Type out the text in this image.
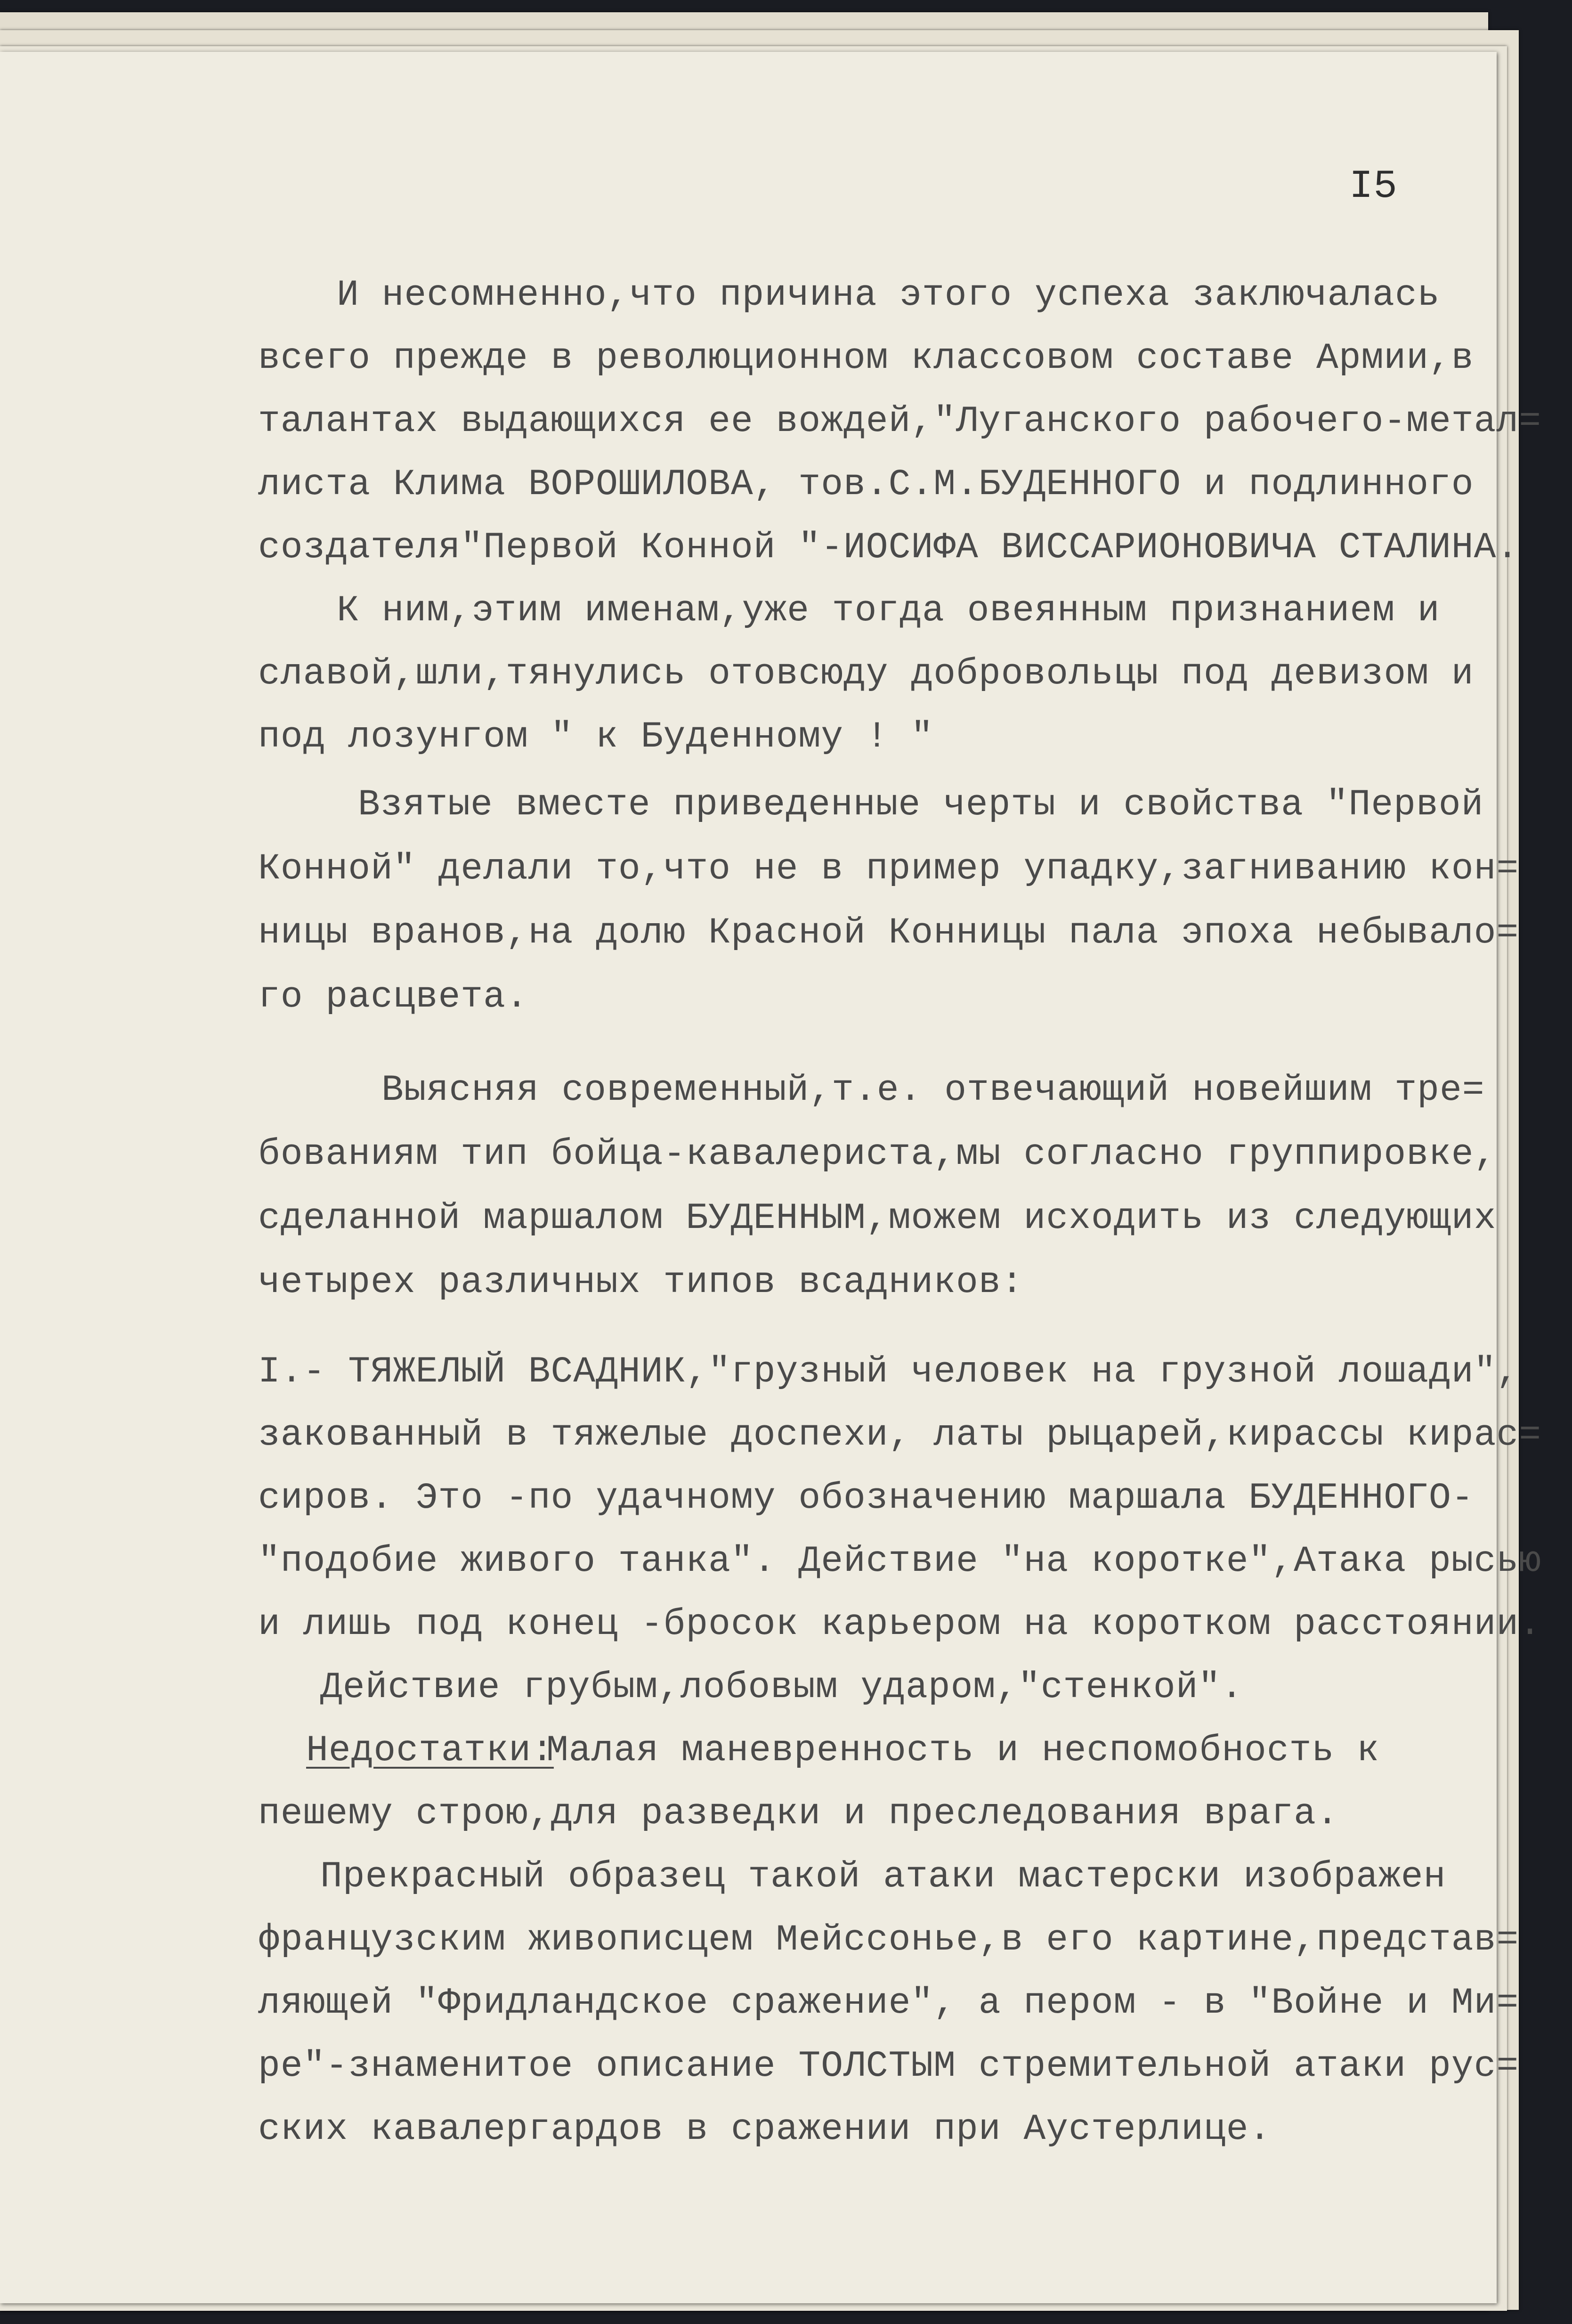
I5
И несомненно,что причина этого успеха заключалась
всего прежде в революционном классовом составе Армии,в
талантах выдающихся ее вождей,"Луганского рабочего-метал=
листа Клима ВОРОШИЛОВА, тов.С.М.БУДЕННОГО и подлинного
создателя"Первой Конной "-ИОСИФА ВИССАРИОНОВИЧА СТАЛИНА.
К ним,этим именам,уже тогда овеянным признанием и
славой,шли,тянулись отовсюду добровольцы под девизом и
под лозунгом " к Буденному ! "
Взятые вместе приведенные черты и свойства "Первой
Конной" делали то,что не в пример упадку,загниванию кон=
ницы вранов,на долю Красной Конницы пала эпоха небывало=
го расцвета.
Выясняя современный,т.е. отвечающий новейшим тре=
бованиям тип бойца-кавалериста,мы согласно группировке,
сделанной маршалом БУДЕННЫМ,можем исходить из следующих
четырех различных типов всадников:
I.- ТЯЖЕЛЫЙ ВСАДНИК,"грузный человек на грузной лошади",
закованный в тяжелые доспехи, латы рыцарей,кирассы кирас=
сиров. Это -по удачному обозначению маршала БУДЕННОГО-
"подобие живого танка". Действие "на коротке",Атака рысью
и лишь под конец -бросок карьером на коротком расстоянии.
Действие грубым,лобовым ударом,"стенкой".
Недостатки:
Малая маневренность и неспомобность к
пешему строю,для разведки и преследования врага.
Прекрасный образец такой атаки мастерски изображен
французским живописцем Мейссонье,в его картине,представ=
ляющей "Фридландское сражение", а пером - в "Войне и Ми=
ре"-знаменитое описание ТОЛСТЫМ стремительной атаки рус=
ских кавалергардов в сражении при Аустерлице.
